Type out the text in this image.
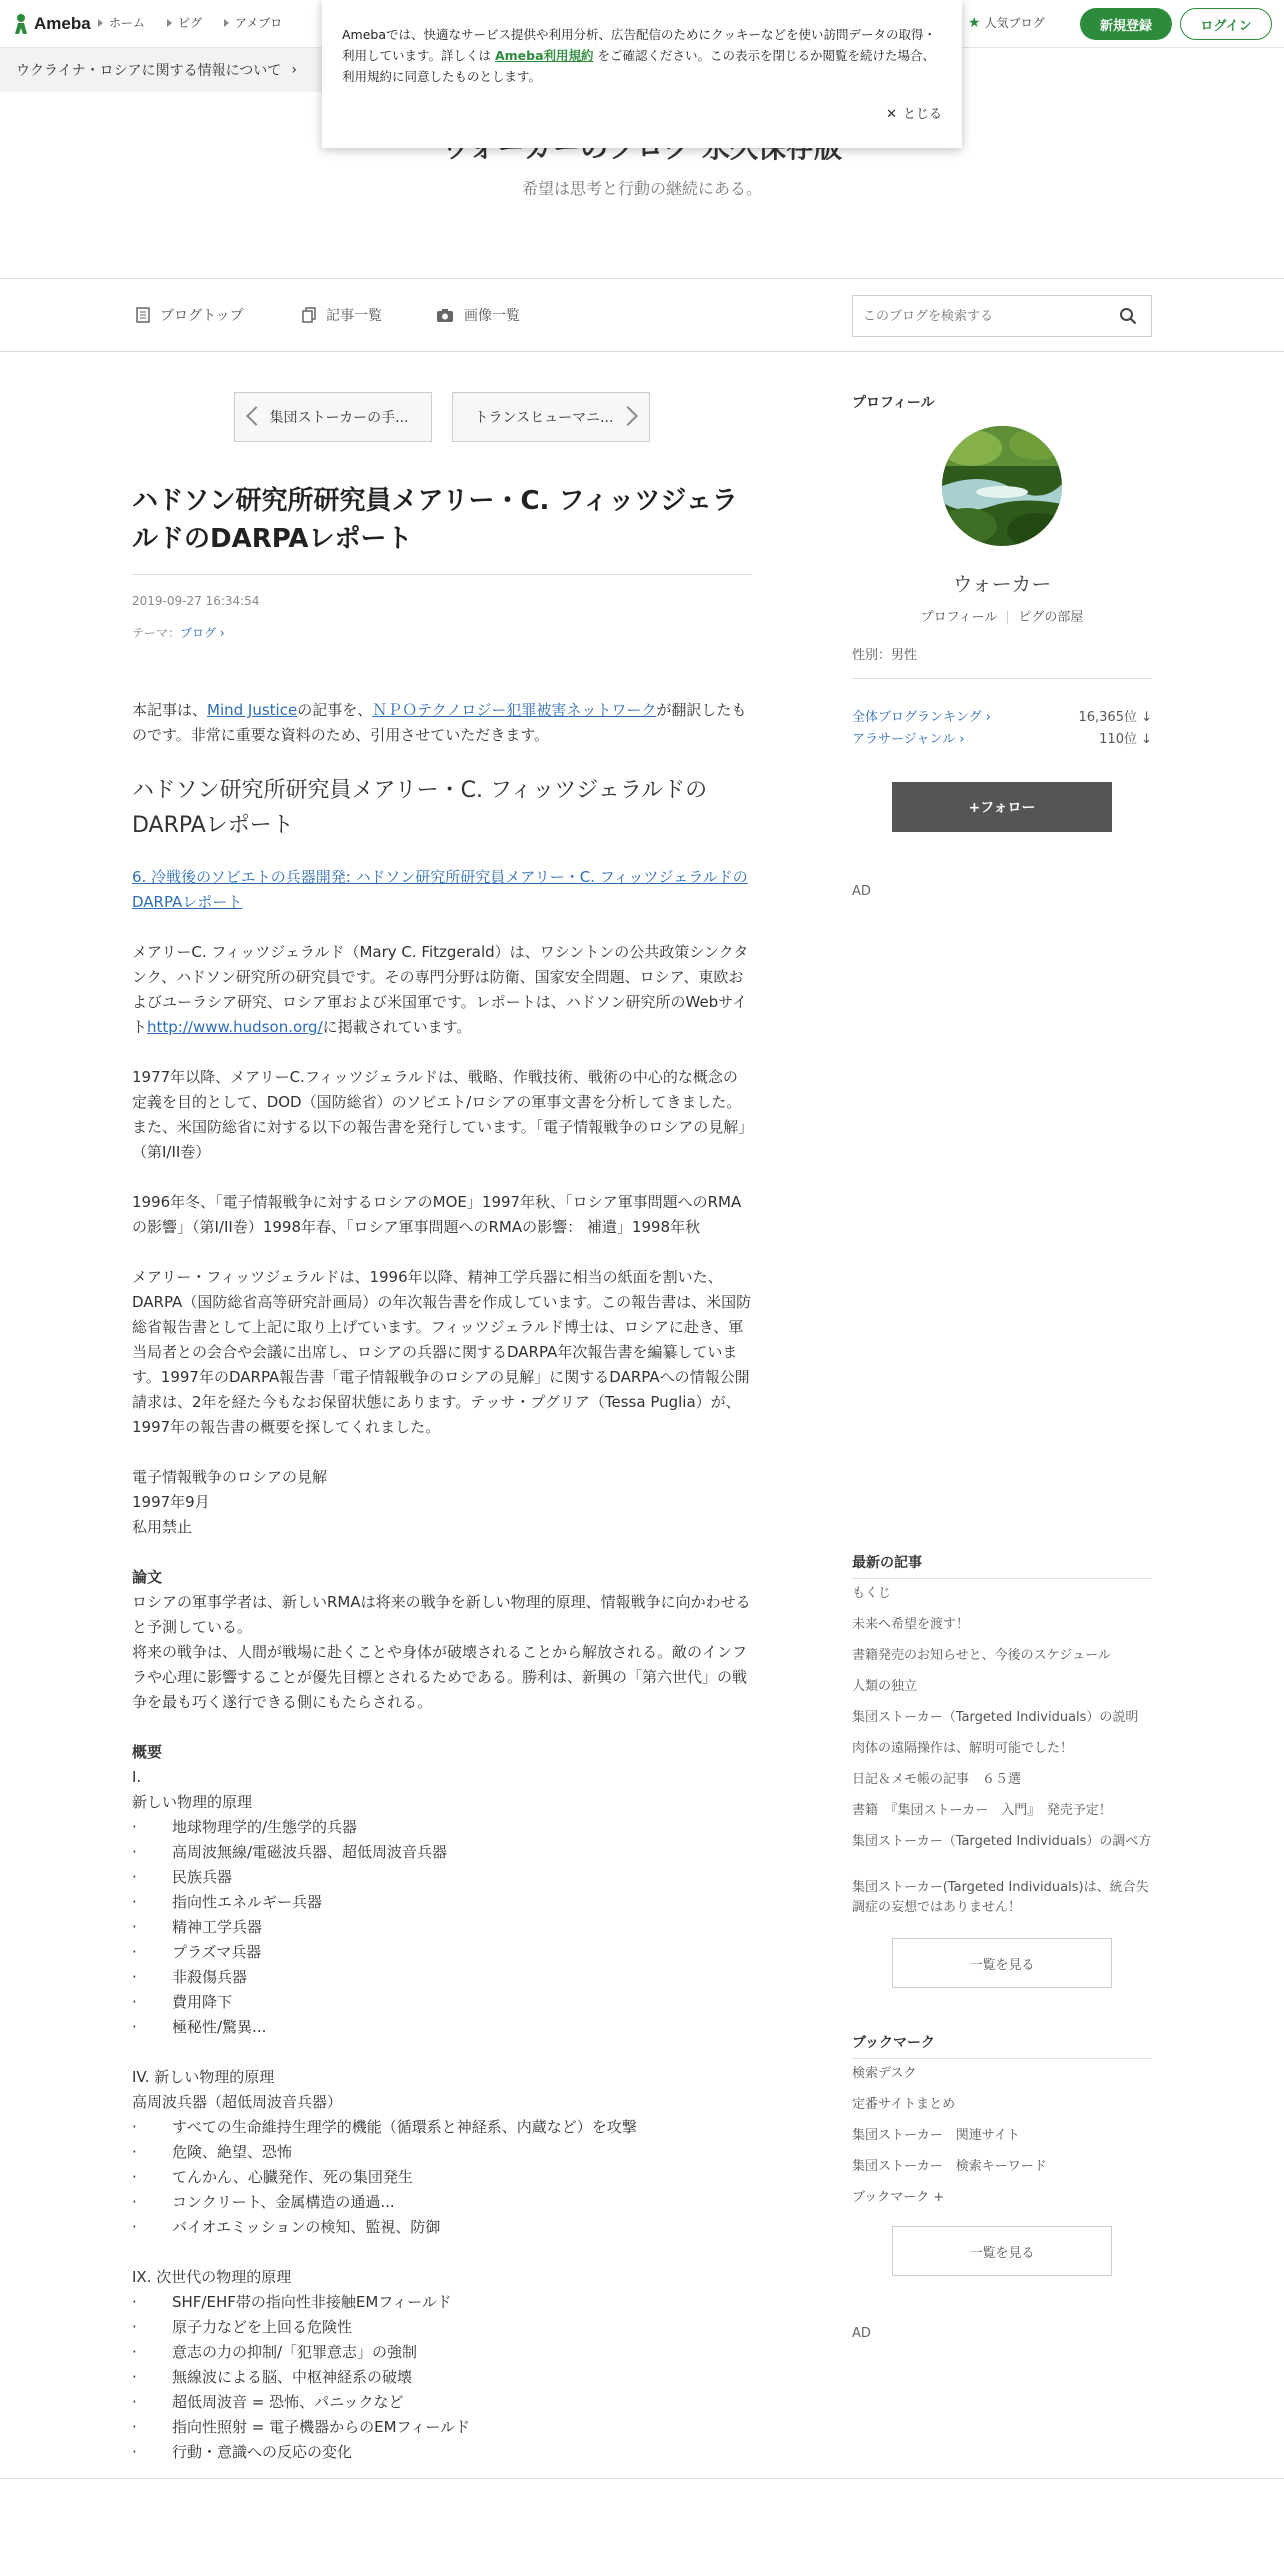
Ameba ホーム	ピグ	アメブロ	★ 人気ブログ	新規登録	ログイン
ウクライナ・ロシアに関する情報について ›
希望は思考と行動の継続にある。
ブログトップ	記事一覧	画像一覧
このブログを検索する
集団ストーカーの手...	トランスヒューマニ...
ハドソン研究所研究員メアリー・C. フィッツジェラルドのDARPAレポート
2019-09-27 16:34:54
テーマ：ブログ ›

本記事は、Mind Justiceの記事を、ＮＰＯテクノロジー犯罪被害ネットワークが翻訳したものです。非常に重要な資料のため、引用させていただきます。

ハドソン研究所研究員メアリー・C. フィッツジェラルドのDARPAレポート

6. 冷戦後のソビエトの兵器開発: ハドソン研究所研究員メアリー・C. フィッツジェラルドのDARPAレポート

メアリーC. フィッツジェラルド（Mary C. Fitzgerald）は、ワシントンの公共政策シンクタンク、ハドソン研究所の研究員です。その専門分野は防衛、国家安全問題、ロシア、東欧およびユーラシア研究、ロシア軍および米国軍です。レポートは、ハドソン研究所のWebサイトhttp://www.hudson.org/に掲載されています。

1977年以降、メアリーC.フィッツジェラルドは、戦略、作戦技術、戦術の中心的な概念の定義を目的として、DOD（国防総省）のソビエト/ロシアの軍事文書を分析してきました。また、米国防総省に対する以下の報告書を発行しています。「電子情報戦争のロシアの見解」（第I/II巻）

1996年冬、「電子情報戦争に対するロシアのMOE」1997年秋、「ロシア軍事問題へのRMAの影響」（第I/II巻）1998年春、「ロシア軍事問題へのRMAの影響： 補遺」1998年秋

メアリー・フィッツジェラルドは、1996年以降、精神工学兵器に相当の紙面を割いた、DARPA（国防総省高等研究計画局）の年次報告書を作成しています。この報告書は、米国防総省報告書として上記に取り上げています。フィッツジェラルド博士は、ロシアに赴き、軍当局者との会合や会議に出席し、ロシアの兵器に関するDARPA年次報告書を編纂しています。1997年のDARPA報告書「電子情報戦争のロシアの見解」に関するDARPAへの情報公開請求は、2年を経た今もなお保留状態にあります。テッサ・プグリア（Tessa Puglia）が、1997年の報告書の概要を探してくれました。

電子情報戦争のロシアの見解
1997年9月
私用禁止
論文
ロシアの軍事学者は、新しいRMAは将来の戦争を新しい物理的原理、情報戦争に向かわせると予測している。
将来の戦争は、人間が戦場に赴くことや身体が破壊されることから解放される。敵のインフラや心理に影響することが優先目標とされるためである。勝利は、新興の「第六世代」の戦争を最も巧く遂行できる側にもたらされる。
概要
I.
新しい物理的原理
· 地球物理学的/生態学的兵器
· 高周波無線/電磁波兵器、超低周波音兵器
· 民族兵器
· 指向性エネルギー兵器
· 精神工学兵器
· プラズマ兵器
· 非殺傷兵器
· 費用降下
· 極秘性/驚異...
IV. 新しい物理的原理
高周波兵器（超低周波音兵器）
· すべての生命維持生理学的機能（循環系と神経系、内蔵など）を攻撃
· 危険、絶望、恐怖
· てんかん、心臓発作、死の集団発生
· コンクリート、金属構造の通過...
· バイオエミッションの検知、監視、防御
IX. 次世代の物理的原理
· SHF/EHF帯の指向性非接触EMフィールド
· 原子力などを上回る危険性
· 意志の力の抑制/「犯罪意志」の強制
· 無線波による脳、中枢神経系の破壊
· 超低周波音 = 恐怖、パニックなど
· 指向性照射 = 電子機器からのEMフィールド
· 行動・意識への反応の変化
プロフィール
ウォーカー
プロフィール ピグの部屋
性別：男性
全体ブログランキング ›	16,365位 ↓
アラサージャンル ›	110位 ↓
+フォロー
AD
最新の記事
もくじ
未来へ希望を渡す！
書籍発売のお知らせと、今後のスケジュール
人類の独立
集団ストーカー（Targeted Individuals）の説明
肉体の遠隔操作は、解明可能でした！
日記＆メモ帳の記事　６５選
書籍　『集団ストーカー　入門』　発売予定！
集団ストーカー（Targeted Individuals）の調べ方
集団ストーカー(Targeted Individuals)は、統合失調症の妄想ではありません！
一覧を見る
ブックマーク
検索デスク
定番サイトまとめ
集団ストーカー　関連サイト
集団ストーカー　検索キーワード
ブックマーク +
一覧を見る
AD
Amebaでは、快適なサービス提供や利用分析、広告配信のためにクッキーなどを使い訪問データの取得・利用しています。詳しくは Ameba利用規約 をご確認ください。この表示を閉じるか閲覧を続けた場合、利用規約に同意したものとします。
✕ とじる
